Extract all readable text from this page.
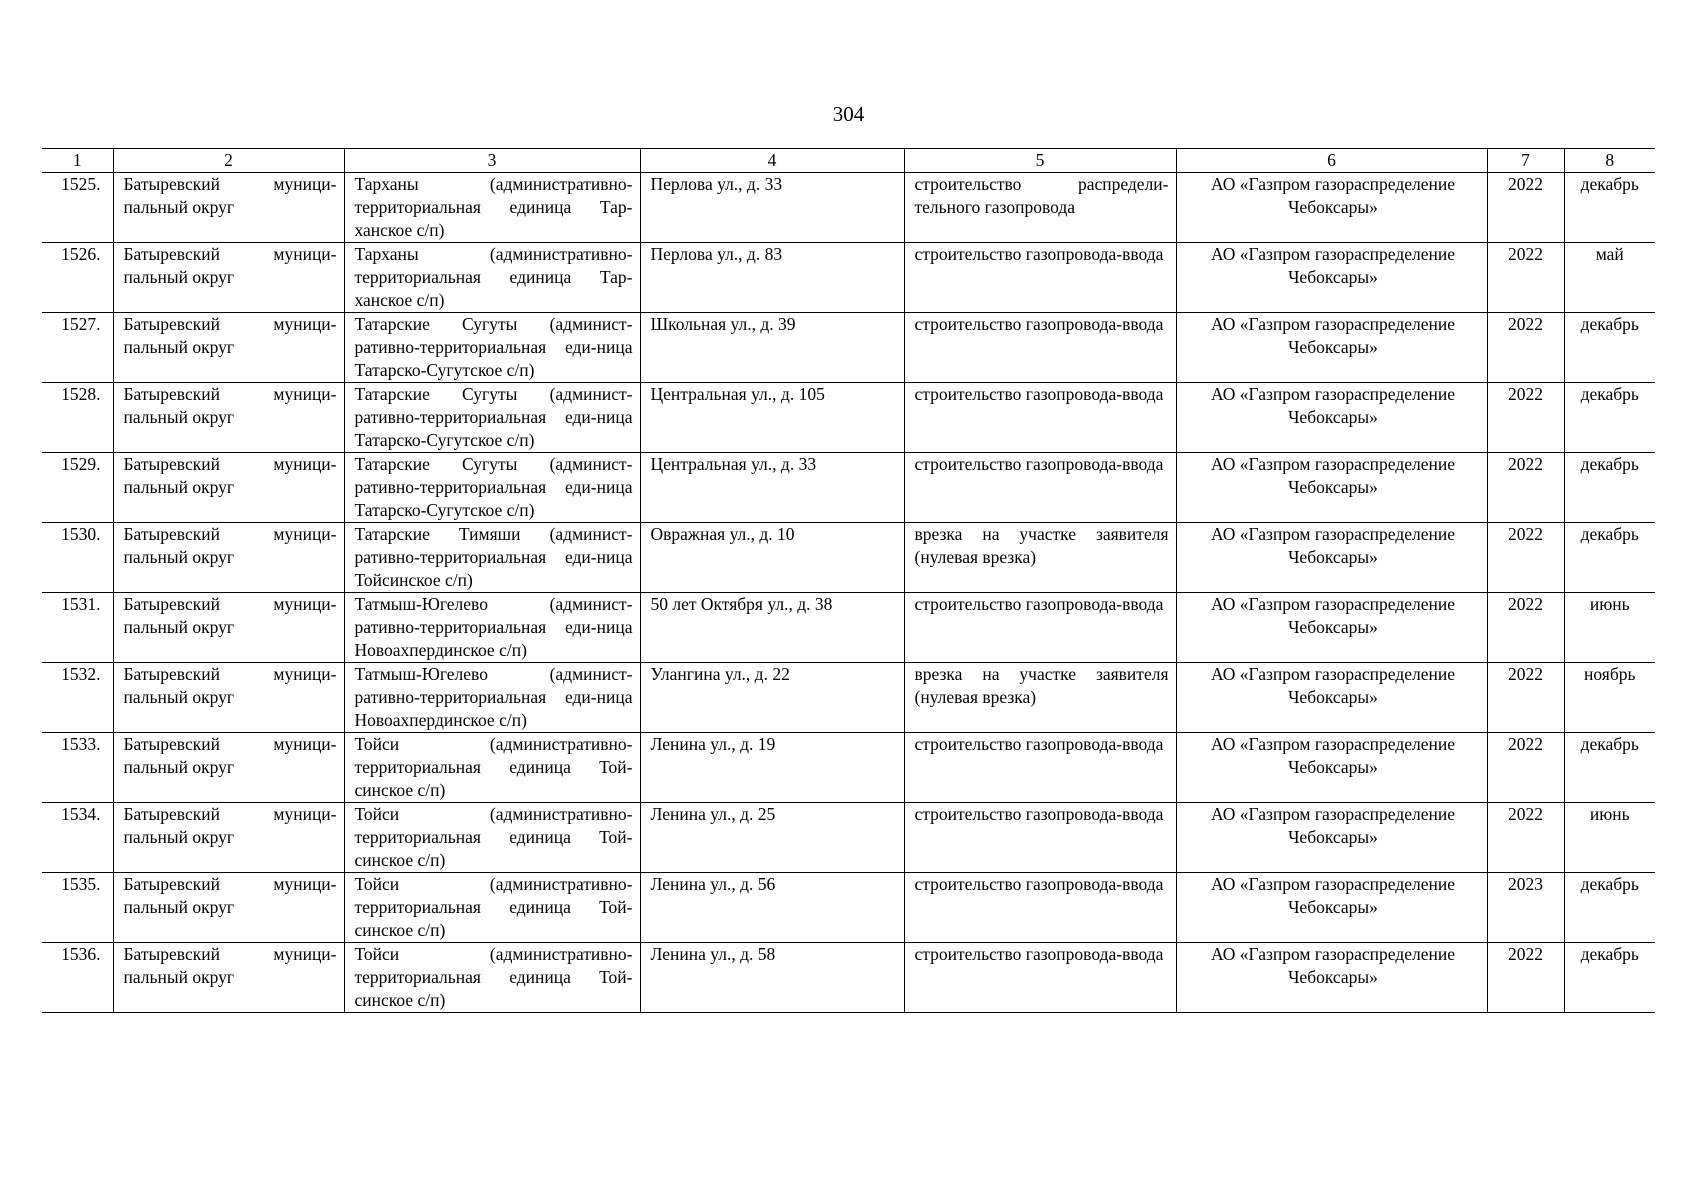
304
1	2	3	4	5	6	7	8
1525.	Батыревский муници-пальный округ	Тарханы (административно-территориальная единица Тар-ханское с/п)	Перлова ул., д. 33	строительство распредели-тельного газопровода	АО «Газпром газораспределение Чебоксары»	2022	декабрь
1526.	Батыревский муници-пальный округ	Тарханы (административно-территориальная единица Тар-ханское с/п)	Перлова ул., д. 83	строительство газопровода-ввода	АО «Газпром газораспределение Чебоксары»	2022	май
1527.	Батыревский муници-пальный округ	Татарские Сугуты (админист-ративно-территориальная еди-ница Татарско-Сугутское с/п)	Школьная ул., д. 39	строительство газопровода-ввода	АО «Газпром газораспределение Чебоксары»	2022	декабрь
1528.	Батыревский муници-пальный округ	Татарские Сугуты (админист-ративно-территориальная еди-ница Татарско-Сугутское с/п)	Центральная ул., д. 105	строительство газопровода-ввода	АО «Газпром газораспределение Чебоксары»	2022	декабрь
1529.	Батыревский муници-пальный округ	Татарские Сугуты (админист-ративно-территориальная еди-ница Татарско-Сугутское с/п)	Центральная ул., д. 33	строительство газопровода-ввода	АО «Газпром газораспределение Чебоксары»	2022	декабрь
1530.	Батыревский муници-пальный округ	Татарские Тимяши (админист-ративно-территориальная еди-ница Тойсинское с/п)	Овражная ул., д. 10	врезка на участке заявителя (нулевая врезка)	АО «Газпром газораспределение Чебоксары»	2022	декабрь
1531.	Батыревский муници-пальный округ	Татмыш-Югелево (админист-ративно-территориальная еди-ница Новоахпердинское с/п)	50 лет Октября ул., д. 38	строительство газопровода-ввода	АО «Газпром газораспределение Чебоксары»	2022	июнь
1532.	Батыревский муници-пальный округ	Татмыш-Югелево (админист-ративно-территориальная еди-ница Новоахпердинское с/п)	Улангина ул., д. 22	врезка на участке заявителя (нулевая врезка)	АО «Газпром газораспределение Чебоксары»	2022	ноябрь
1533.	Батыревский муници-пальный округ	Тойси (административно-территориальная единица Той-синское с/п)	Ленина ул., д. 19	строительство газопровода-ввода	АО «Газпром газораспределение Чебоксары»	2022	декабрь
1534.	Батыревский муници-пальный округ	Тойси (административно-территориальная единица Той-синское с/п)	Ленина ул., д. 25	строительство газопровода-ввода	АО «Газпром газораспределение Чебоксары»	2022	июнь
1535.	Батыревский муници-пальный округ	Тойси (административно-территориальная единица Той-синское с/п)	Ленина ул., д. 56	строительство газопровода-ввода	АО «Газпром газораспределение Чебоксары»	2023	декабрь
1536.	Батыревский муници-пальный округ	Тойси (административно-территориальная единица Той-синское с/п)	Ленина ул., д. 58	строительство газопровода-ввода	АО «Газпром газораспределение Чебоксары»	2022	декабрь
